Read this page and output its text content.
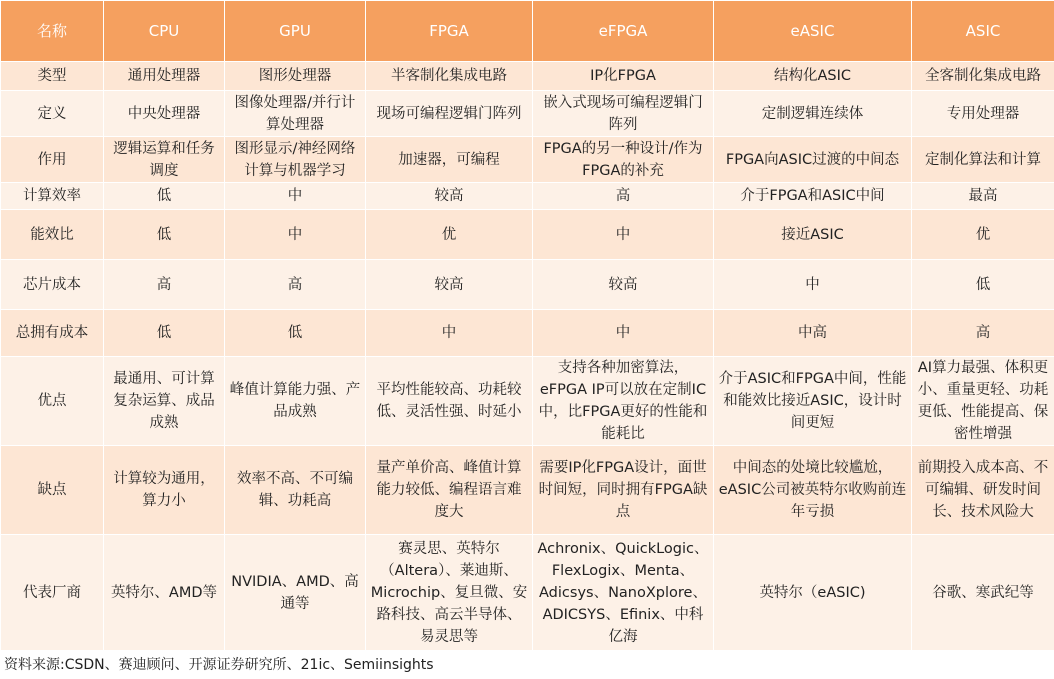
名称	CPU	GPU	FPGA	eFPGA	eASIC	ASIC
类型	通用处理器	图形处理器	半客制化集成电路	IP化FPGA	结构化ASIC	全客制化集成电路
定义	中央处理器	图像处理器/并行计算处理器	现场可编程逻辑门阵列	嵌入式现场可编程逻辑门阵列	定制逻辑连续体	专用处理器
作用	逻辑运算和任务调度	图形显示/神经网络计算与机器学习	加速器，可编程	FPGA的另一种设计/作为FPGA的补充	FPGA向ASIC过渡的中间态	定制化算法和计算
计算效率	低	中	较高	高	介于FPGA和ASIC中间	最高
能效比	低	中	优	中	接近ASIC	优
芯片成本	高	高	较高	较高	中	低
总拥有成本	低	低	中	中	中高	高
优点	最通用、可计算复杂运算、成品成熟	峰值计算能力强、产品成熟	平均性能较高、功耗较低、灵活性强、时延小	支持各种加密算法，eFPGA IP可以放在定制IC中，比FPGA更好的性能和能耗比	介于ASIC和FPGA中间，性能和能效比接近ASIC，设计时间更短	AI算力最强、体积更小、重量更轻、功耗更低、性能提高、保密性增强
缺点	计算较为通用，算力小	效率不高、不可编辑、功耗高	量产单价高、峰值计算能力较低、编程语言难度大	需要IP化FPGA设计，面世时间短，同时拥有FPGA缺点	中间态的处境比较尴尬，eASIC公司被英特尔收购前连年亏损	前期投入成本高、不可编辑、研发时间长、技术风险大
代表厂商	英特尔、AMD等	NVIDIA、AMD、高通等	赛灵思、英特尔（Altera）、莱迪斯、Microchip、复旦微、安路科技、高云半导体、易灵思等	Achronix、QuickLogic、FlexLogix、Menta、Adicsys、NanoXplore、ADICSYS、Efinix、中科亿海	英特尔（eASIC)	谷歌、寒武纪等
资料来源:CSDN、赛迪顾问、开源证券研究所、21ic、Semiinsights
